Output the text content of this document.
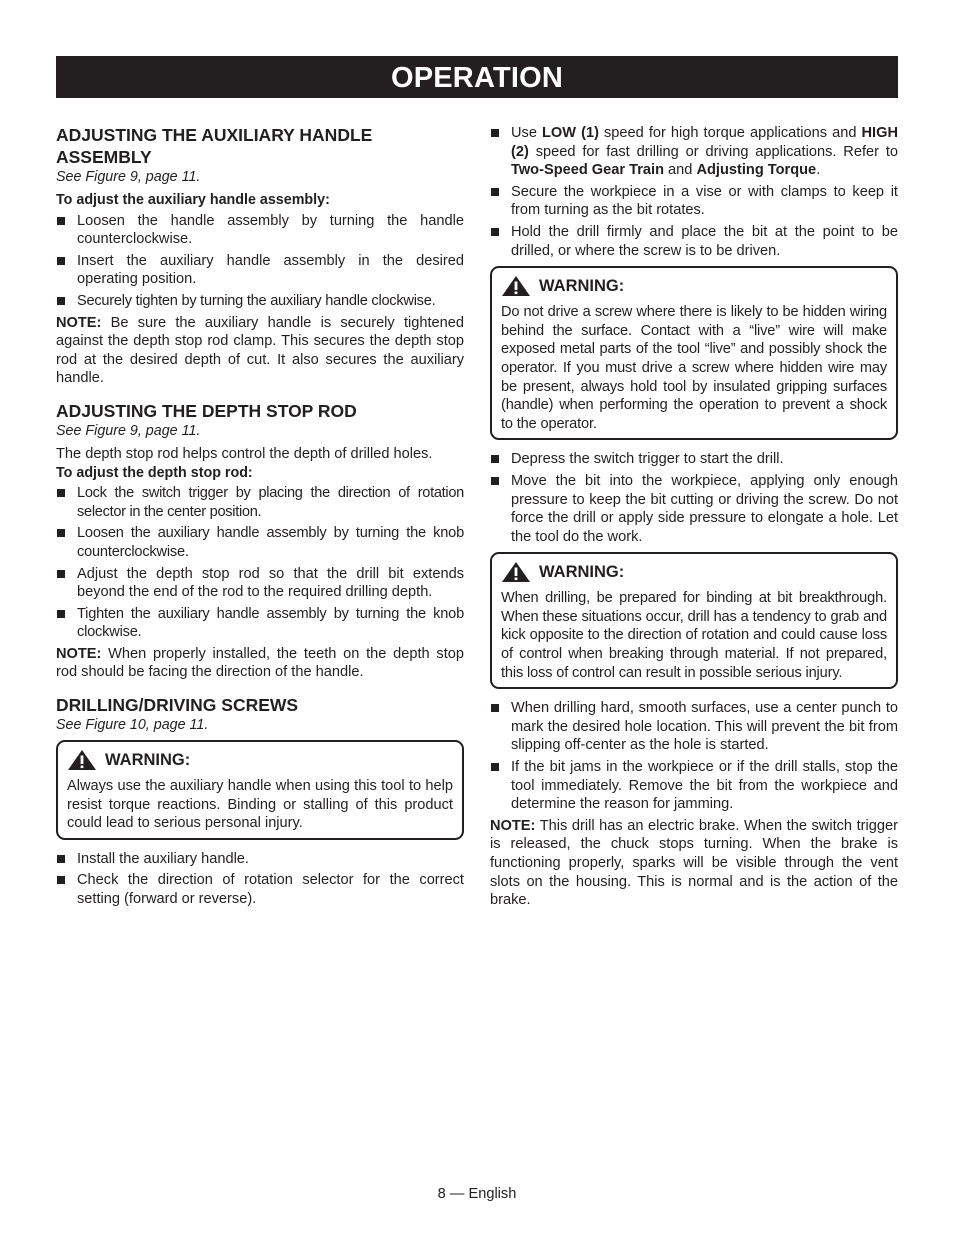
OPERATION
ADJUSTING THE AUXILIARY HANDLE ASSEMBLY
See Figure 9, page 11.
To adjust the auxiliary handle assembly:
Loosen the handle assembly by turning the handle counterclockwise.
Insert the auxiliary handle assembly in the desired operating position.
Securely tighten by turning the auxiliary handle clockwise.

NOTE: Be sure the auxiliary handle is securely tightened against the depth stop rod clamp. This secures the depth stop rod at the desired depth of cut. It also secures the auxiliary handle.

ADJUSTING THE DEPTH STOP ROD
See Figure 9, page 11.

The depth stop rod helps control the depth of drilled holes.

To adjust the depth stop rod:
Lock the switch trigger by placing the direction of rotation selector in the center position.
Loosen the auxiliary handle assembly by turning the knob counterclockwise.
Adjust the depth stop rod so that the drill bit extends beyond the end of the rod to the required drilling depth.
Tighten the auxiliary handle assembly by turning the knob clockwise.

NOTE: When properly installed, the teeth on the depth stop rod should be facing the direction of the handle.

DRILLING/DRIVING SCREWS
See Figure 10, page 11.
WARNING:

Always use the auxiliary handle when using this tool to help resist torque reactions. Binding or stalling of this product could lead to serious personal injury.

Install the auxiliary handle.
Check the direction of rotation selector for the correct setting (forward or reverse).
Use LOW (1) speed for high torque applications and HIGH (2) speed for fast drilling or driving applications. Refer to Two-Speed Gear Train and Adjusting Torque.
Secure the workpiece in a vise or with clamps to keep it from turning as the bit rotates.
Hold the drill firmly and place the bit at the point to be drilled, or where the screw is to be driven.
WARNING:

Do not drive a screw where there is likely to be hidden wiring behind the surface. Contact with a “live” wire will make exposed metal parts of the tool “live” and possibly shock the operator. If you must drive a screw where hidden wire may be present, always hold tool by insulated gripping surfaces (handle) when performing the operation to prevent a shock to the operator.

Depress the switch trigger to start the drill.
Move the bit into the workpiece, applying only enough pressure to keep the bit cutting or driving the screw. Do not force the drill or apply side pressure to elongate a hole. Let the tool do the work.
WARNING:

When drilling, be prepared for binding at bit breakthrough. When these situations occur, drill has a tendency to grab and kick opposite to the direction of rotation and could cause loss of control when breaking through material. If not prepared, this loss of control can result in possible serious injury.

When drilling hard, smooth surfaces, use a center punch to mark the desired hole location. This will prevent the bit from slipping off-center as the hole is started.
If the bit jams in the workpiece or if the drill stalls, stop the tool immediately. Remove the bit from the workpiece and determine the reason for jamming.

NOTE: This drill has an electric brake. When the switch trigger is released, the chuck stops turning. When the brake is functioning properly, sparks will be visible through the vent slots on the housing. This is normal and is the action of the brake.

8 — English
